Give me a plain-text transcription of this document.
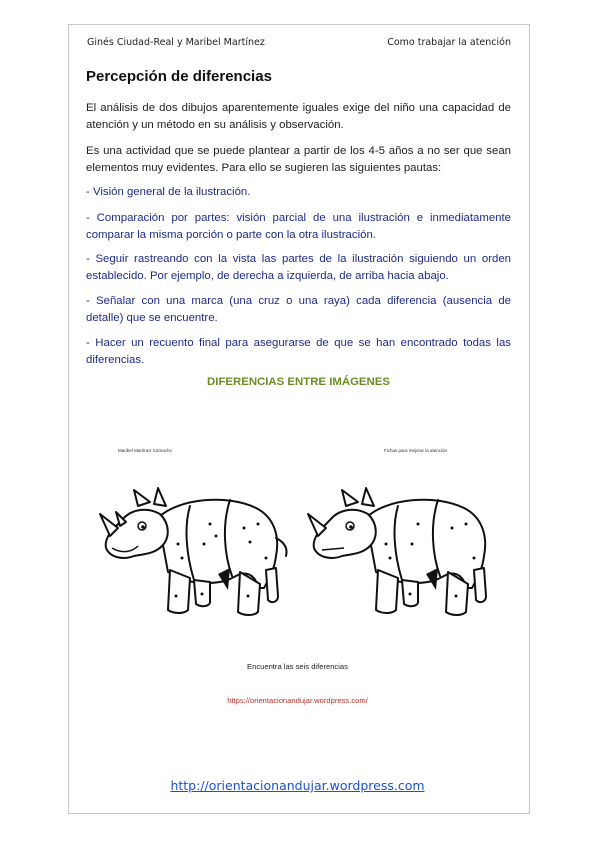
Ginés Ciudad-Real y Maribel Martínez	Como trabajar la atención
Percepción de diferencias

El análisis de dos dibujos aparentemente iguales exige del niño una capacidad de atención y un método en su análisis y observación.

Es una actividad que se puede plantear a partir de los 4-5 años a no ser que sean elementos muy evidentes. Para ello se sugieren las siguientes pautas:

- Visión general de la ilustración.

- Comparación por partes: visión parcial de una ilustración e inmediatamente comparar la misma porción o parte con la otra ilustración.

- Seguir rastreando con la vista las partes de la ilustración siguiendo un orden establecido. Por ejemplo, de derecha a izquierda, de arriba hacia abajo.

- Señalar con una marca (una cruz o una raya) cada diferencia (ausencia de detalle) que se encuentre.

- Hacer un recuento final para asegurarse de que se han encontrado todas las diferencias.

DIFERENCIAS ENTRE IMÁGENES
Maribel Martínez Camacho	Fichas para mejorar la atención
Encuentra las seis diferencias
https://orientacionandujar.wordpress.com/
http://orientacionandujar.wordpress.com
